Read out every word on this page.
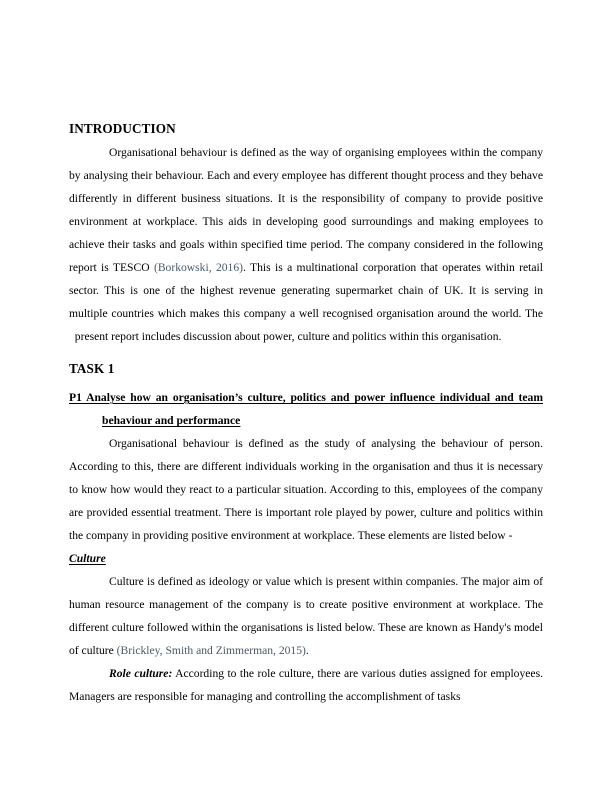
INTRODUCTION

Organisational behaviour is defined as the way of organising employees within the company by analysing their behaviour. Each and every employee has different thought process and they behave differently in different business situations. It is the responsibility of company to provide positive environment at workplace. This aids in developing good surroundings and making employees to achieve their tasks and goals within specified time period. The company considered in the following report is TESCO (Borkowski, 2016). This is a multinational corporation that operates within retail sector. This is one of the highest revenue generating supermarket chain of UK. It is serving in multiple countries which makes this company a well recognised organisation around the world. The  present report includes discussion about power, culture and politics within this organisation.

TASK 1
P1 Analyse how an organisation’s culture, politics and power influence individual and team
behaviour and performance

Organisational behaviour is defined as the study of analysing the behaviour of person. According to this, there are different individuals working in the organisation and thus it is necessary to know how would they react to a particular situation. According to this, employees of the company are provided essential treatment. There is important role played by power, culture and politics within the company in providing positive environment at workplace. These elements are listed below -

Culture

Culture is defined as ideology or value which is present within companies. The major aim of human resource management of the company is to create positive environment at workplace. The different culture followed within the organisations is listed below. These are known as Handy's model of culture (Brickley, Smith and Zimmerman, 2015).

Role culture: According to the role culture, there are various duties assigned for employees. Managers are responsible for managing and controlling the accomplishment of tasks
